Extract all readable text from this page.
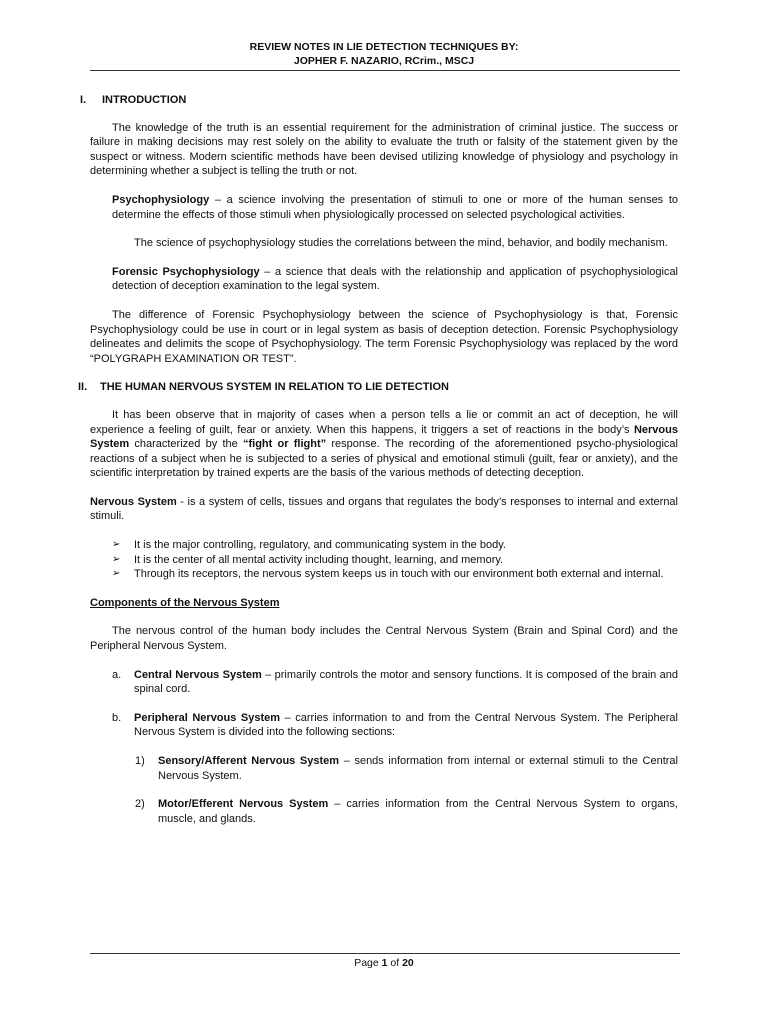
REVIEW NOTES IN LIE DETECTION TECHNIQUES BY:
JOPHER F. NAZARIO, RCrim., MSCJ
I.	INTRODUCTION

The knowledge of the truth is an essential requirement for the administration of criminal justice. The success or failure in making decisions may rest solely on the ability to evaluate the truth or falsity of the statement given by the suspect or witness. Modern scientific methods have been devised utilizing knowledge of physiology and psychology in determining whether a subject is telling the truth or not.

Psychophysiology – a science involving the presentation of stimuli to one or more of the human senses to determine the effects of those stimuli when physiologically processed on selected psychological activities.

The science of psychophysiology studies the correlations between the mind, behavior, and bodily mechanism.

Forensic Psychophysiology – a science that deals with the relationship and application of psychophysiological detection of deception examination to the legal system.

The difference of Forensic Psychophysiology between the science of Psychophysiology is that, Forensic Psychophysiology could be use in court or in legal system as basis of deception detection. Forensic Psychophysiology delineates and delimits the scope of Psychophysiology. The term Forensic Psychophysiology was replaced by the word “POLYGRAPH EXAMINATION OR TEST”.

II.	THE HUMAN NERVOUS SYSTEM IN RELATION TO LIE DETECTION

It has been observe that in majority of cases when a person tells a lie or commit an act of deception, he will experience a feeling of guilt, fear or anxiety. When this happens, it triggers a set of reactions in the body’s Nervous System characterized by the “fight or flight” response. The recording of the aforementioned psycho-physiological reactions of a subject when he is subjected to a series of physical and emotional stimuli (guilt, fear or anxiety), and the scientific interpretation by trained experts are the basis of the various methods of detecting deception.

Nervous System - is a system of cells, tissues and organs that regulates the body’s responses to internal and external stimuli.

➢	It is the major controlling, regulatory, and communicating system in the body.
➢	It is the center of all mental activity including thought, learning, and memory.
➢	Through its receptors, the nervous system keeps us in touch with our environment both external and internal.

Components of the Nervous System

The nervous control of the human body includes the Central Nervous System (Brain and Spinal Cord) and the Peripheral Nervous System.

a.	Central Nervous System – primarily controls the motor and sensory functions. It is composed of the brain and spinal cord.

b.	Peripheral Nervous System – carries information to and from the Central Nervous System. The Peripheral Nervous System is divided into the following sections:

1)	Sensory/Afferent Nervous System – sends information from internal or external stimuli to the Central Nervous System.

2)	Motor/Efferent Nervous System – carries information from the Central Nervous System to organs, muscle, and glands.

Page 1 of 20
